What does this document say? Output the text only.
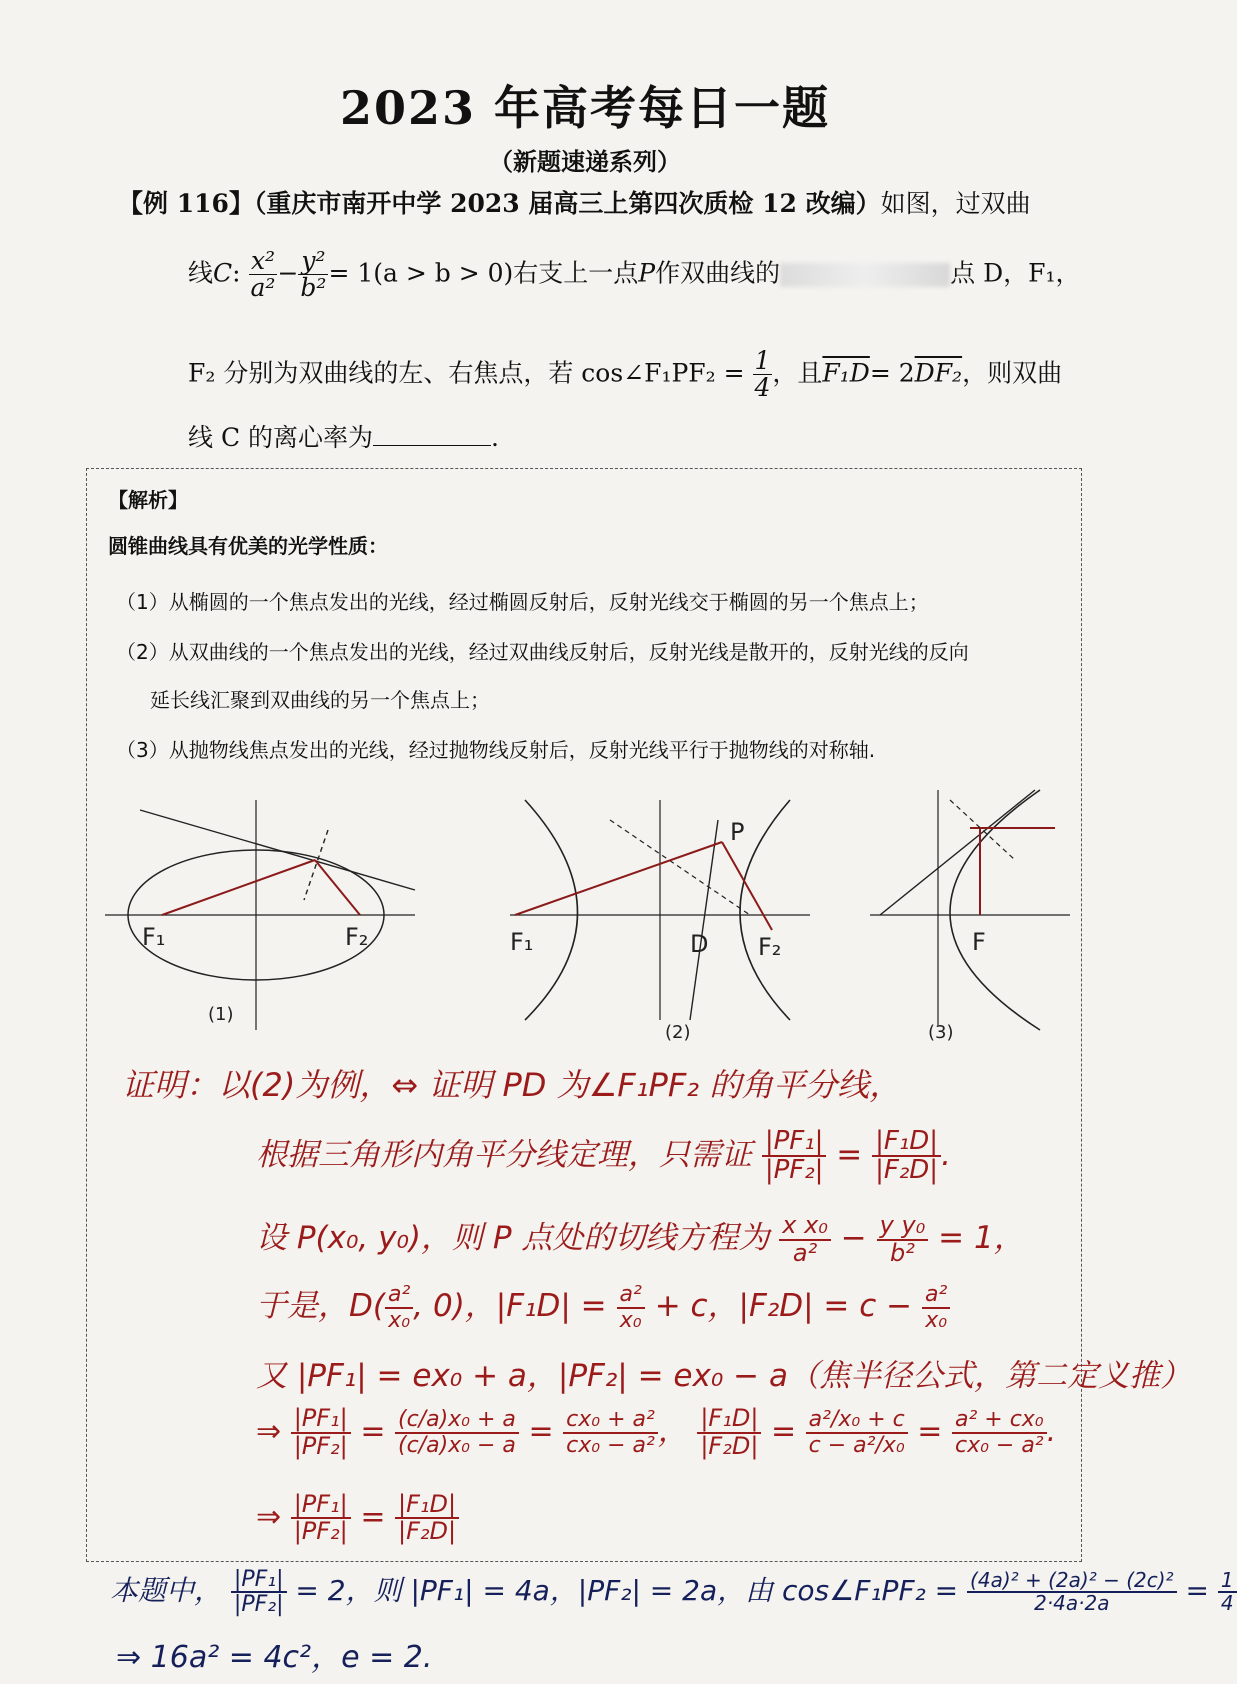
2023 年高考每日一题
（新题速递系列）
【例 116】（重庆市南开中学 2023 届高三上第四次质检 12 改编）如图，过双曲
线C: $\frac{\text{x²}}{\text{a²}} - \frac{\text{y²}}{\text{b²}} = 1(a > b > 0)$右支上一点P作双曲线的	点 D，F₁，
F₂ 分别为双曲线的左、右焦点，若 cos∠F₁PF₂ = $\frac{1}{4}$ ，且F₁D= 2DF₂，则双曲
线 C 的离心率为	.
【解析】
圆锥曲线具有优美的光学性质：
（1）从椭圆的一个焦点发出的光线，经过椭圆反射后，反射光线交于椭圆的另一个焦点上；
（2）从双曲线的一个焦点发出的光线，经过双曲线反射后，反射光线是散开的，反射光线的反向
延长线汇聚到双曲线的另一个焦点上；
（3）从抛物线焦点发出的光线，经过抛物线反射后，反射光线平行于抛物线的对称轴.
F₁	F₂
(1)
P
F₁	D F₂
(2)
F
(3)
证明：以(2)为例，⇔ 证明 PD 为∠F₁PF₂ 的角平分线，
根据三角形内角平分线定理，只需证 $\frac{\text{|PF₁|}}{\text{|PF₂|}} = \frac{\text{|F₁D|}}{\text{|F₂D|}}$ .
设 P(x₀, y₀)，则 P 点处的切线方程为 $\frac{\text{x x₀}}{\text{a²}} - \frac{\text{y y₀}}{\text{b²}} = 1$，
于是，$D( \frac{\text{a²}}{\text{x₀}}$ , 0)，$|F_1D| = \frac{\text{a²}}{\text{x₀}} + c$，$|F_2D| = c - \frac{\text{a²}}{\text{x₀}}$
又 |PF₁| = ex₀ + a，|PF₂| = ex₀ − a（焦半径公式，第二定义推）
⇒ $\frac{\text{|PF₁|}}{\text{|PF₂|}} = \frac{\text{(c/a)x₀ + a}}{\text{(c/a)x₀ − a}} = \frac{\text{cx₀ + a²}}{\text{cx₀ − a²}}$ ， $\frac{\text{|F₁D|}}{\text{|F₂D|}} = \frac{\text{a²/x₀ + c}}{\text{c − a²/x₀}} = \frac{\text{a² + cx₀}}{\text{cx₀ − a²}}$ .
⇒ $\frac{\text{|PF₁|}}{\text{|PF₂|}} = \frac{\text{|F₁D|}}{\text{|F₂D|}}$
本题中， $\frac{\text{|PF₁|}}{\text{|PF₂|}} = 2$，则 |PF₁| = 4a，|PF₂| = 2a，由 cos∠F₁PF₂ = $\frac{\text{(4a)² + (2a)² − (2c)²}}{2\cdot 4a\cdot 2a} = \frac{1}{4}$
⇒ 16a² = 4c²，e = 2.
